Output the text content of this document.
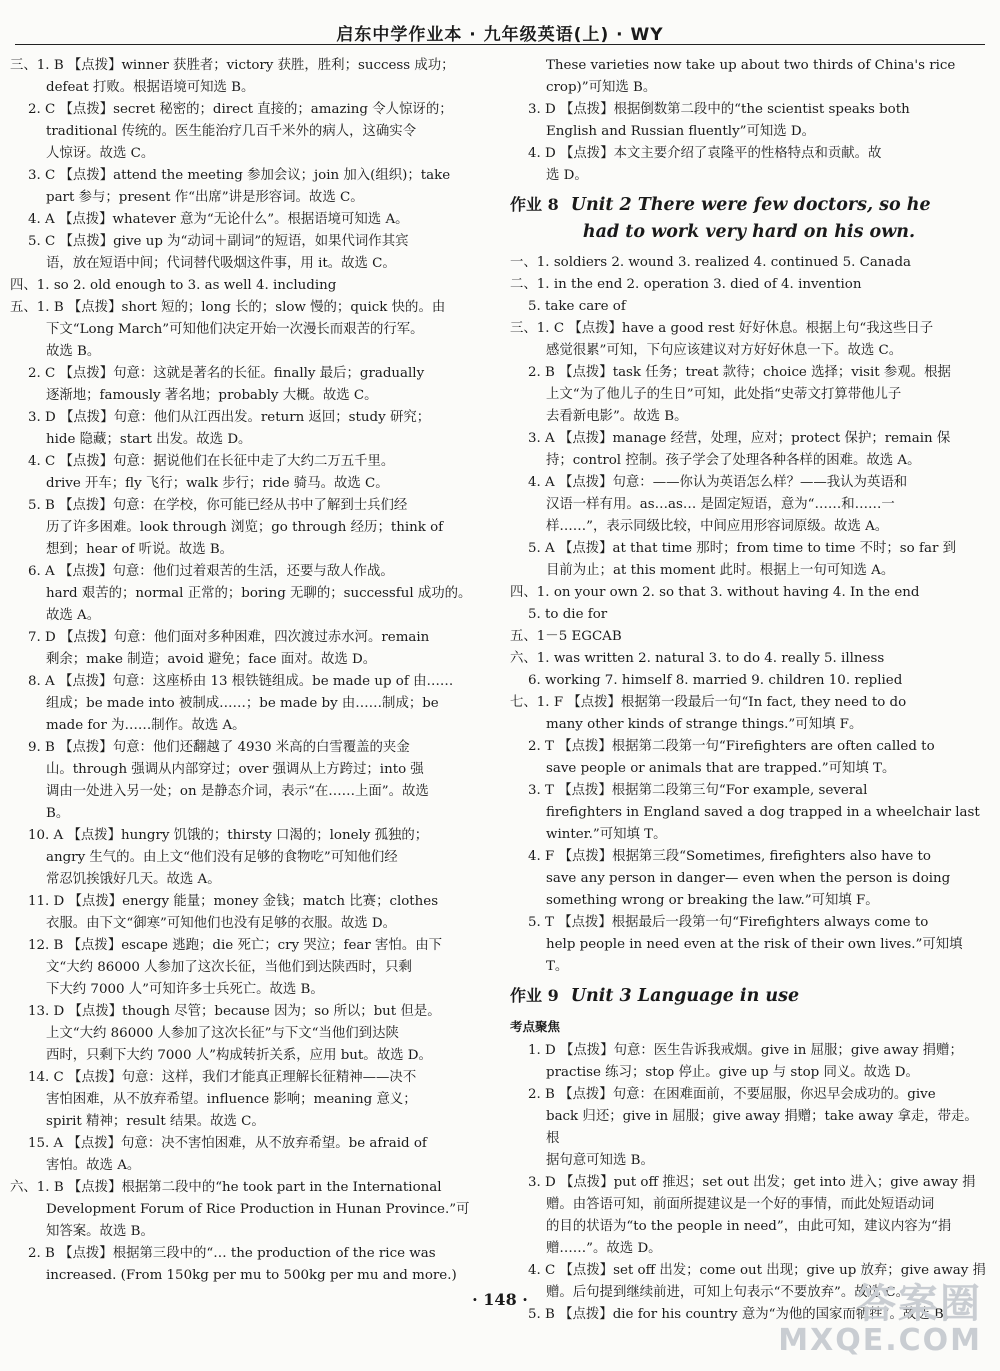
启东中学作业本 · 九年级英语(上) · WY
三、1. B 【点拨】winner 获胜者；victory 获胜，胜利；success 成功；
defeat 打败。根据语境可知选 B。
2. C 【点拨】secret 秘密的；direct 直接的；amazing 令人惊讶的；
traditional 传统的。医生能治疗几百千米外的病人，这确实令
人惊讶。故选 C。
3. C 【点拨】attend the meeting 参加会议；join 加入(组织)；take
part 参与；present 作“出席”讲是形容词。故选 C。
4. A 【点拨】whatever 意为“无论什么”。根据语境可知选 A。
5. C 【点拨】give up 为“动词＋副词”的短语，如果代词作其宾
语，放在短语中间；代词替代吸烟这件事，用 it。故选 C。
四、1. so 2. old enough to 3. as well 4. including
五、1. B 【点拨】short 短的；long 长的；slow 慢的；quick 快的。由
下文“Long March”可知他们决定开始一次漫长而艰苦的行军。
故选 B。
2. C 【点拨】句意：这就是著名的长征。finally 最后；gradually
逐渐地；famously 著名地；probably 大概。故选 C。
3. D 【点拨】句意：他们从江西出发。return 返回；study 研究；
hide 隐藏；start 出发。故选 D。
4. C 【点拨】句意：据说他们在长征中走了大约二万五千里。
drive 开车；fly 飞行；walk 步行；ride 骑马。故选 C。
5. B 【点拨】句意：在学校，你可能已经从书中了解到士兵们经
历了许多困难。look through 浏览；go through 经历；think of
想到；hear of 听说。故选 B。
6. A 【点拨】句意：他们过着艰苦的生活，还要与敌人作战。
hard 艰苦的；normal 正常的；boring 无聊的；successful 成功的。
故选 A。
7. D 【点拨】句意：他们面对多种困难，四次渡过赤水河。remain
剩余；make 制造；avoid 避免；face 面对。故选 D。
8. A 【点拨】句意：这座桥由 13 根铁链组成。be made up of 由……
组成；be made into 被制成……；be made by 由……制成；be
made for 为……制作。故选 A。
9. B 【点拨】句意：他们还翻越了 4930 米高的白雪覆盖的夹金
山。through 强调从内部穿过；over 强调从上方跨过；into 强
调由一处进入另一处；on 是静态介词，表示“在……上面”。故选
B。
10. A 【点拨】hungry 饥饿的；thirsty 口渴的；lonely 孤独的；
angry 生气的。由上文“他们没有足够的食物吃”可知他们经
常忍饥挨饿好几天。故选 A。
11. D 【点拨】energy 能量；money 金钱；match 比赛；clothes
衣服。由下文“御寒”可知他们也没有足够的衣服。故选 D。
12. B 【点拨】escape 逃跑；die 死亡；cry 哭泣；fear 害怕。由下
文“大约 86000 人参加了这次长征，当他们到达陕西时，只剩
下大约 7000 人”可知许多士兵死亡。故选 B。
13. D 【点拨】though 尽管；because 因为；so 所以；but 但是。
上文“大约 86000 人参加了这次长征”与下文“当他们到达陕
西时，只剩下大约 7000 人”构成转折关系，应用 but。故选 D。
14. C 【点拨】句意：这样，我们才能真正理解长征精神——决不
害怕困难，从不放弃希望。influence 影响；meaning 意义；
spirit 精神；result 结果。故选 C。
15. A 【点拨】句意：决不害怕困难，从不放弃希望。be afraid of
害怕。故选 A。
六、1. B 【点拨】根据第二段中的“he took part in the International
Development Forum of Rice Production in Hunan Province.”可
知答案。故选 B。
2. B 【点拨】根据第三段中的“… the production of the rice was
increased. (From 150kg per mu to 500kg per mu and more.)
These varieties now take up about two thirds of China's rice
crop)”可知选 B。
3. D 【点拨】根据倒数第二段中的“the scientist speaks both
English and Russian fluently”可知选 D。
4. D 【点拨】本文主要介绍了袁隆平的性格特点和贡献。故
选 D。
作业 8 Unit 2 There were few doctors, so he
had to work very hard on his own.
一、1. soldiers 2. wound 3. realized 4. continued 5. Canada
二、1. in the end 2. operation 3. died of 4. invention
5. take care of
三、1. C 【点拨】have a good rest 好好休息。根据上句“我这些日子
感觉很累”可知，下句应该建议对方好好休息一下。故选 C。
2. B 【点拨】task 任务；treat 款待；choice 选择；visit 参观。根据
上文“为了他儿子的生日”可知，此处指“史蒂文打算带他儿子
去看新电影”。故选 B。
3. A 【点拨】manage 经营，处理，应对；protect 保护；remain 保
持；control 控制。孩子学会了处理各种各样的困难。故选 A。
4. A 【点拨】句意：——你认为英语怎么样？——我认为英语和
汉语一样有用。as…as… 是固定短语，意为“……和……一
样……”，表示同级比较，中间应用形容词原级。故选 A。
5. A 【点拨】at that time 那时；from time to time 不时；so far 到
目前为止；at this moment 此时。根据上一句可知选 A。
四、1. on your own 2. so that 3. without having 4. In the end
5. to die for
五、1－5 EGCAB
六、1. was written 2. natural 3. to do 4. really 5. illness
6. working 7. himself 8. married 9. children 10. replied
七、1. F 【点拨】根据第一段最后一句“In fact, they need to do
many other kinds of strange things.”可知填 F。
2. T 【点拨】根据第二段第一句“Firefighters are often called to
save people or animals that are trapped.”可知填 T。
3. T 【点拨】根据第二段第三句“For example, several
firefighters in England saved a dog trapped in a wheelchair last
winter.”可知填 T。
4. F 【点拨】根据第三段“Sometimes, firefighters also have to
save any person in danger— even when the person is doing
something wrong or breaking the law.”可知填 F。
5. T 【点拨】根据最后一段第一句“Firefighters always come to
help people in need even at the risk of their own lives.”可知填 T。
作业 9 Unit 3 Language in use
考点聚焦
1. D 【点拨】句意：医生告诉我戒烟。give in 屈服；give away 捐赠；
practise 练习；stop 停止。give up 与 stop 同义。故选 D。
2. B 【点拨】句意：在困难面前，不要屈服，你迟早会成功的。give
back 归还；give in 屈服；give away 捐赠；take away 拿走，带走。根
据句意可知选 B。
3. D 【点拨】put off 推迟；set out 出发；get into 进入；give away 捐
赠。由答语可知，前面所提建议是一个好的事情，而此处短语动词
的目的状语为“to the people in need”，由此可知，建议内容为“捐
赠……”。故选 D。
4. C 【点拨】set off 出发；come out 出现；give up 放弃；give away 捐
赠。后句提到继续前进，可知上句表示“不要放弃”。故选 C。
5. B 【点拨】die for his country 意为“为他的国家而牺牲”。故选 B。
· 148 ·	答案圈
MXQE.COM
